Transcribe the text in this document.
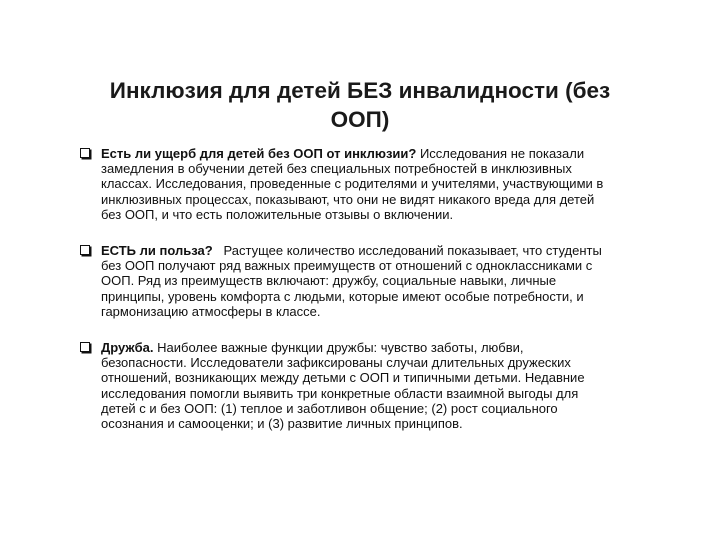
Инклюзия для детей БЕЗ инвалидности (без
ООП)
Есть ли ущерб для детей без ООП от инклюзии? Исследования не показали замедления в обучении детей без специальных потребностей в инклюзивных классах. Исследования, проведенные с родителями и учителями, участвующими в инклюзивных процессах, показывают, что они не видят никакого вреда для детей без ООП, и что есть положительные отзывы о включении.
ЕСТЬ ли польза?   Растущее количество исследований показывает, что студенты без ООП получают ряд важных преимуществ от отношений с одноклассниками с ООП. Ряд из преимуществ включают: дружбу, социальные навыки, личные принципы, уровень комфорта с людьми, которые имеют особые потребности, и гармонизацию атмосферы в классе.
Дружба. Наиболее важные функции дружбы: чувство заботы, любви, безопасности. Исследователи зафиксированы случаи длительных дружеских отношений, возникающих между детьми с ООП и типичными детьми. Недавние исследования помогли выявить три конкретные области взаимной выгоды для детей с и без ООП: (1) теплое и заботливон общение; (2) рост социального осознания и самооценки; и (3) развитие личных принципов.
